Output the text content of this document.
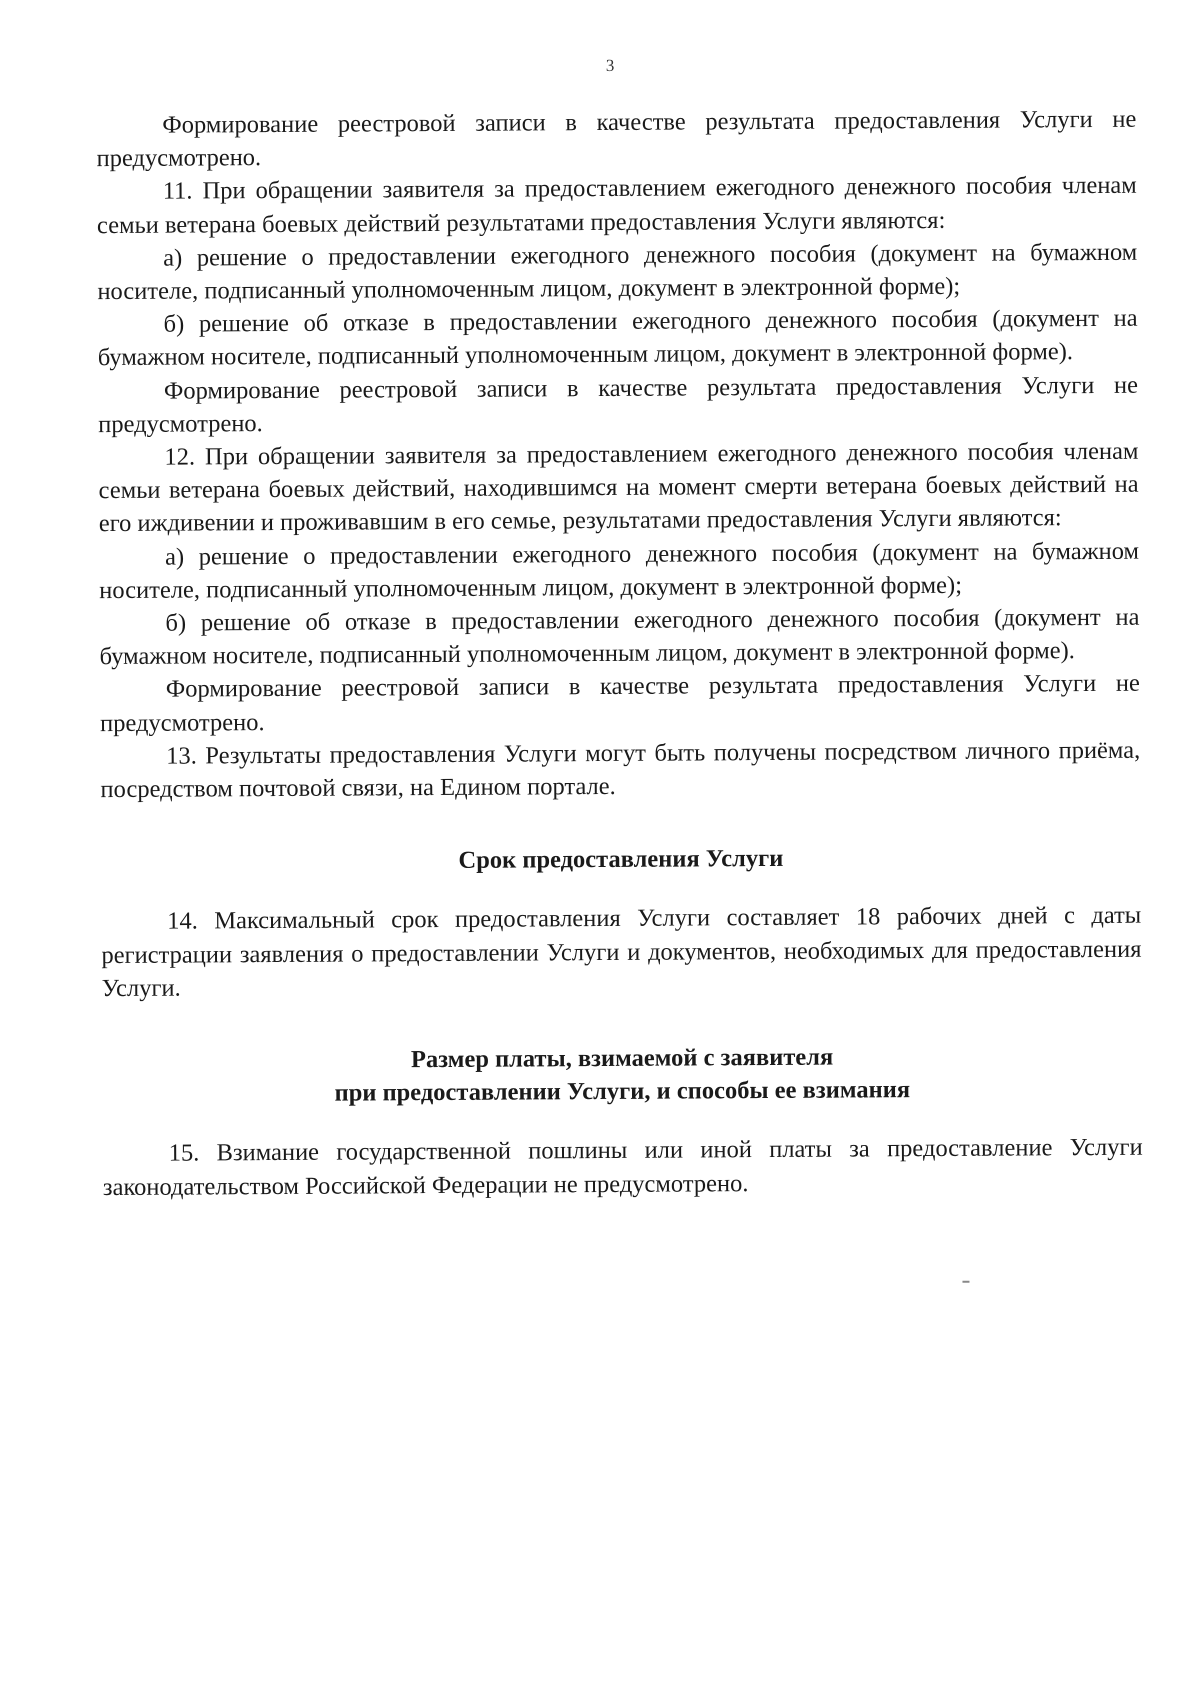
3

Формирование реестровой записи в качестве результата предоставления Услуги не предусмотрено.

11. При обращении заявителя за предоставлением ежегодного денежного пособия членам семьи ветерана боевых действий результатами предоставления Услуги являются:

а) решение о предоставлении ежегодного денежного пособия (документ на бумажном носителе, подписанный уполномоченным лицом, документ в электронной форме);

б) решение об отказе в предоставлении ежегодного денежного пособия (документ на бумажном носителе, подписанный уполномоченным лицом, документ в электронной форме).

Формирование реестровой записи в качестве результата предоставления Услуги не предусмотрено.

12. При обращении заявителя за предоставлением ежегодного денежного пособия членам семьи ветерана боевых действий, находившимся на момент смерти ветерана боевых действий на его иждивении и проживавшим в его семье, результатами предоставления Услуги являются:

а) решение о предоставлении ежегодного денежного пособия (документ на бумажном носителе, подписанный уполномоченным лицом, документ в электронной форме);

б) решение об отказе в предоставлении ежегодного денежного пособия (документ на бумажном носителе, подписанный уполномоченным лицом, документ в электронной форме).

Формирование реестровой записи в качестве результата предоставления Услуги не предусмотрено.

13. Результаты предоставления Услуги могут быть получены посредством личного приёма, посредством почтовой связи, на Едином портале.

Срок предоставления Услуги

14. Максимальный срок предоставления Услуги составляет 18 рабочих дней с даты регистрации заявления о предоставлении Услуги и документов, необходимых для предоставления Услуги.

Размер платы, взимаемой с заявителя
при предоставлении Услуги, и способы ее взимания

15. Взимание государственной пошлины или иной платы за предоставление Услуги законодательством Российской Федерации не предусмотрено.
